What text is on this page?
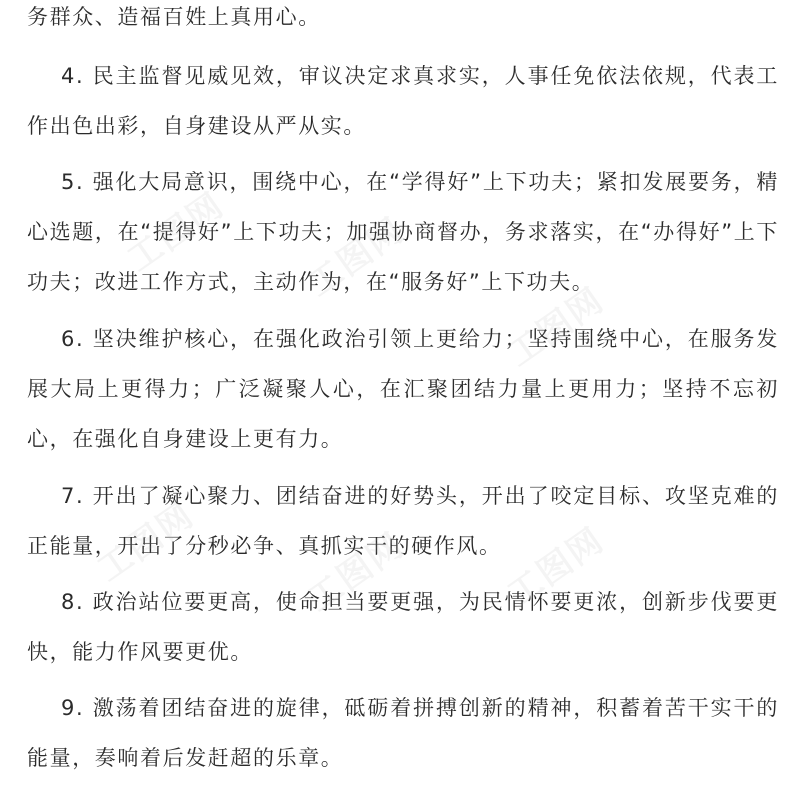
务群众、造福百姓上真用心。

4. 民主监督见威见效，审议决定求真求实，人事任免依法依规，代表工作出色出彩，自身建设从严从实。

5. 强化大局意识，围绕中心，在“学得好”上下功夫；紧扣发展要务，精心选题，在“提得好”上下功夫；加强协商督办，务求落实，在“办得好”上下功夫；改进工作方式，主动作为，在“服务好”上下功夫。

6. 坚决维护核心，在强化政治引领上更给力；坚持围绕中心，在服务发展大局上更得力；广泛凝聚人心，在汇聚团结力量上更用力；坚持不忘初心，在强化自身建设上更有力。

7. 开出了凝心聚力、团结奋进的好势头，开出了咬定目标、攻坚克难的正能量，开出了分秒必争、真抓实干的硬作风。

8. 政治站位要更高，使命担当要更强，为民情怀要更浓，创新步伐要更快，能力作风要更优。

9. 激荡着团结奋进的旋律，砥砺着拼搏创新的精神，积蓄着苦干实干的能量，奏响着后发赶超的乐章。

工图网 工图网
工图网
工图网	工图网	工图网
